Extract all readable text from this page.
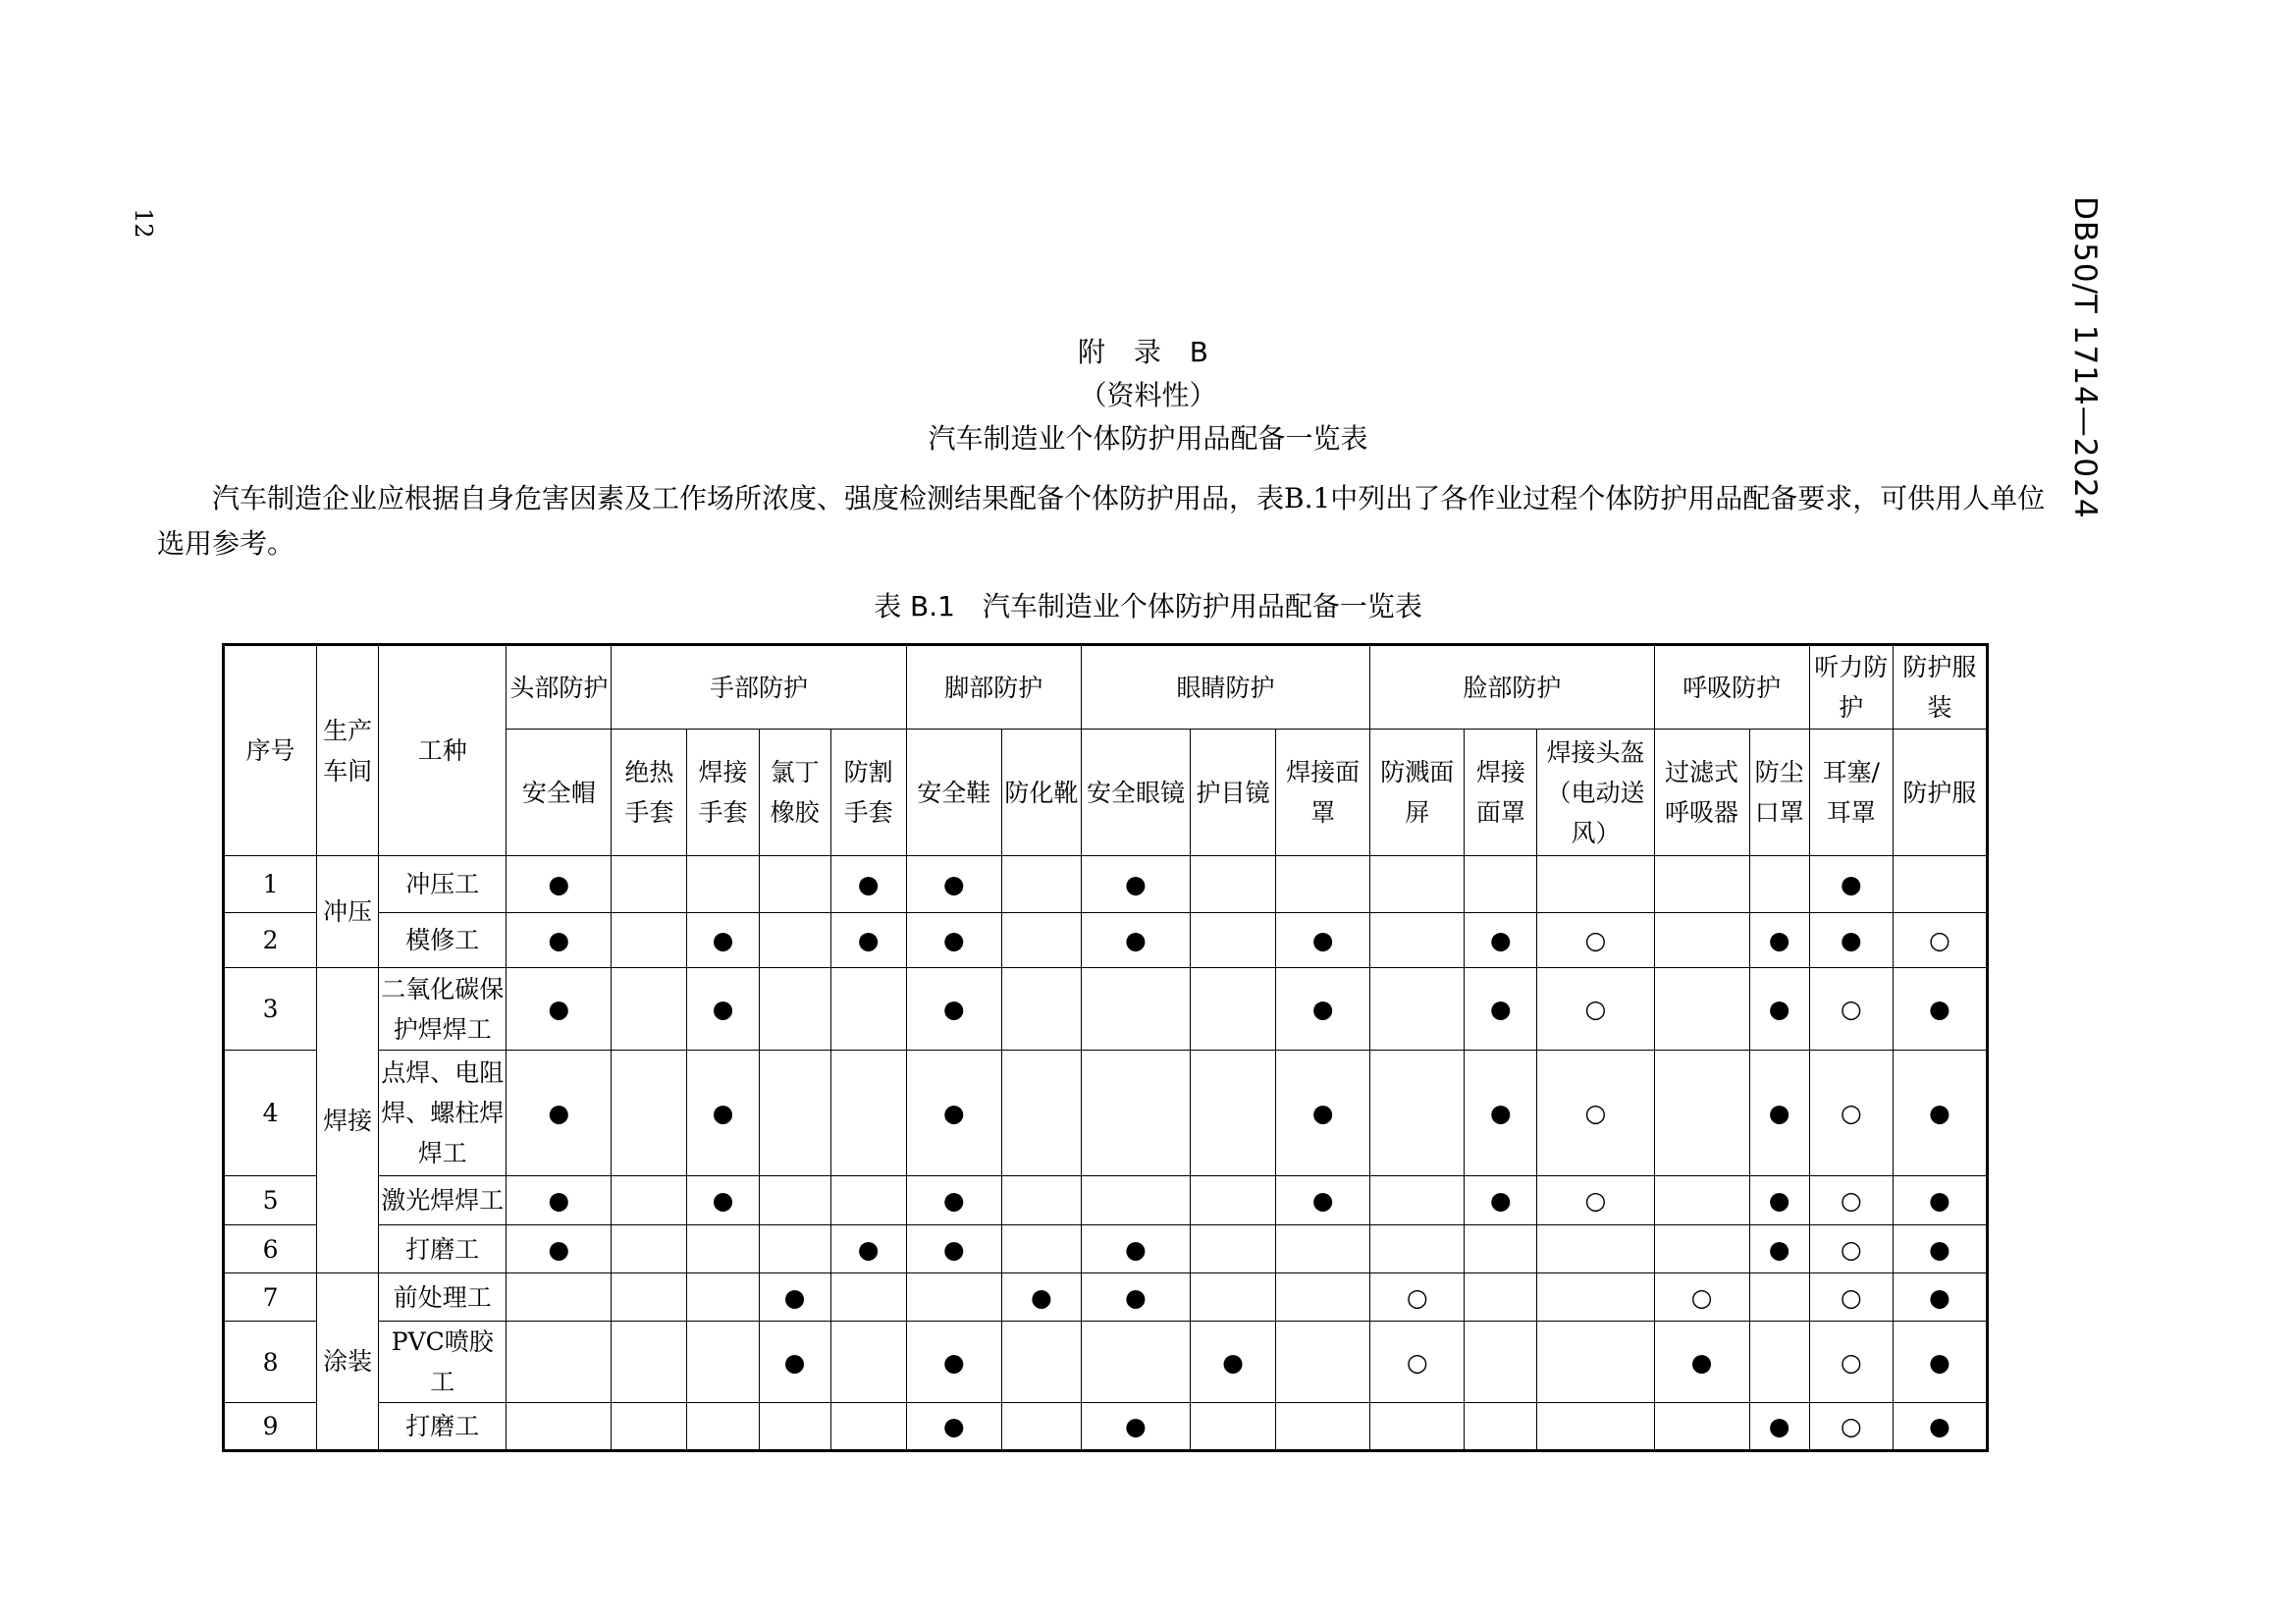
12	DB50/T 1714—2024
附 录 B
（资料性）
汽车制造业个体防护用品配备一览表
汽车制造企业应根据自身危害因素及工作场所浓度、强度检测结果配备个体防护用品，表B.1中列出了各作业过程个体防护用品配备要求，可供用人单位选用参考。
表 B.1　汽车制造业个体防护用品配备一览表
序号	生产车间	工种	头部防护	手部防护				脚部防护		眼睛防护			脸部防护			呼吸防护		听力防护	防护服装
			安全帽	绝热手套	焊接手套	氯丁橡胶	防割手套	安全鞋	防化靴	安全眼镜	护目镜	焊接面罩	防溅面屏	焊接面罩	焊接头盔（电动送风）	过滤式呼吸器	防尘口罩	耳塞/耳罩	防护服
1	冲压	冲压工	●				●	●		●								●	
2		模修工	●		●		●	●		●		●		●	○		●	●	○
3	焊接	二氧化碳保护焊焊工	●		●			●				●		●	○		●	○	●
4		点焊、电阻焊、螺柱焊焊工	●		●			●				●		●	○		●	○	●
5		激光焊焊工	●		●			●				●		●	○		●	○	●
6		打磨工	●				●	●		●							●	○	●
7	涂装	前处理工				●			●	●			○			○		○	●
8		PVC喷胶工				●		●			●		○			●		○	●
9		打磨工						●		●							●	○	●
